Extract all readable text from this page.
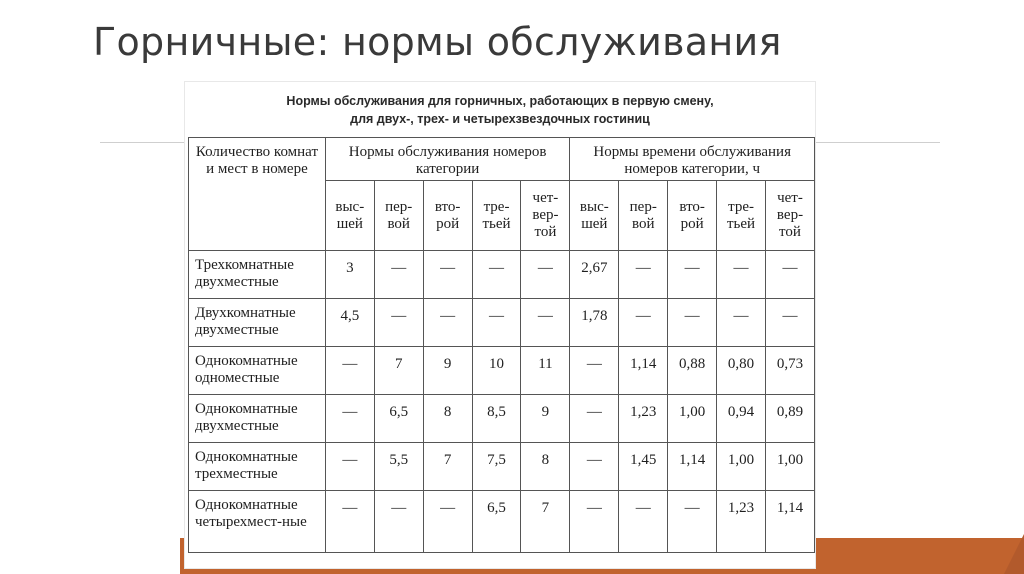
Горничные: нормы обслуживания
Нормы обслуживания для горничных, работающих в первую смену,
для двух-, трех- и четырехзвездочных гостиниц
Количество комнат и мест в номере	Нормы обслуживания номеров категории					Нормы времени обслуживания номеров категории, ч				
	выс-шей	пер-вой	вто-рой	тре-тьей	чет-вер-той	выс-шей	пер-вой	вто-рой	тре-тьей	чет-вер-той
Трехкомнатные двухместные	3	—	—	—	—	2,67	—	—	—	—
Двухкомнатные двухместные	4,5	—	—	—	—	1,78	—	—	—	—
Однокомнатные одноместные	—	7	9	10	11	—	1,14	0,88	0,80	0,73
Однокомнатные двухместные	—	6,5	8	8,5	9	—	1,23	1,00	0,94	0,89
Однокомнатные трехместные	—	5,5	7	7,5	8	—	1,45	1,14	1,00	1,00
Однокомнатные четырехмест-ные	—	—	—	6,5	7	—	—	—	1,23	1,14
